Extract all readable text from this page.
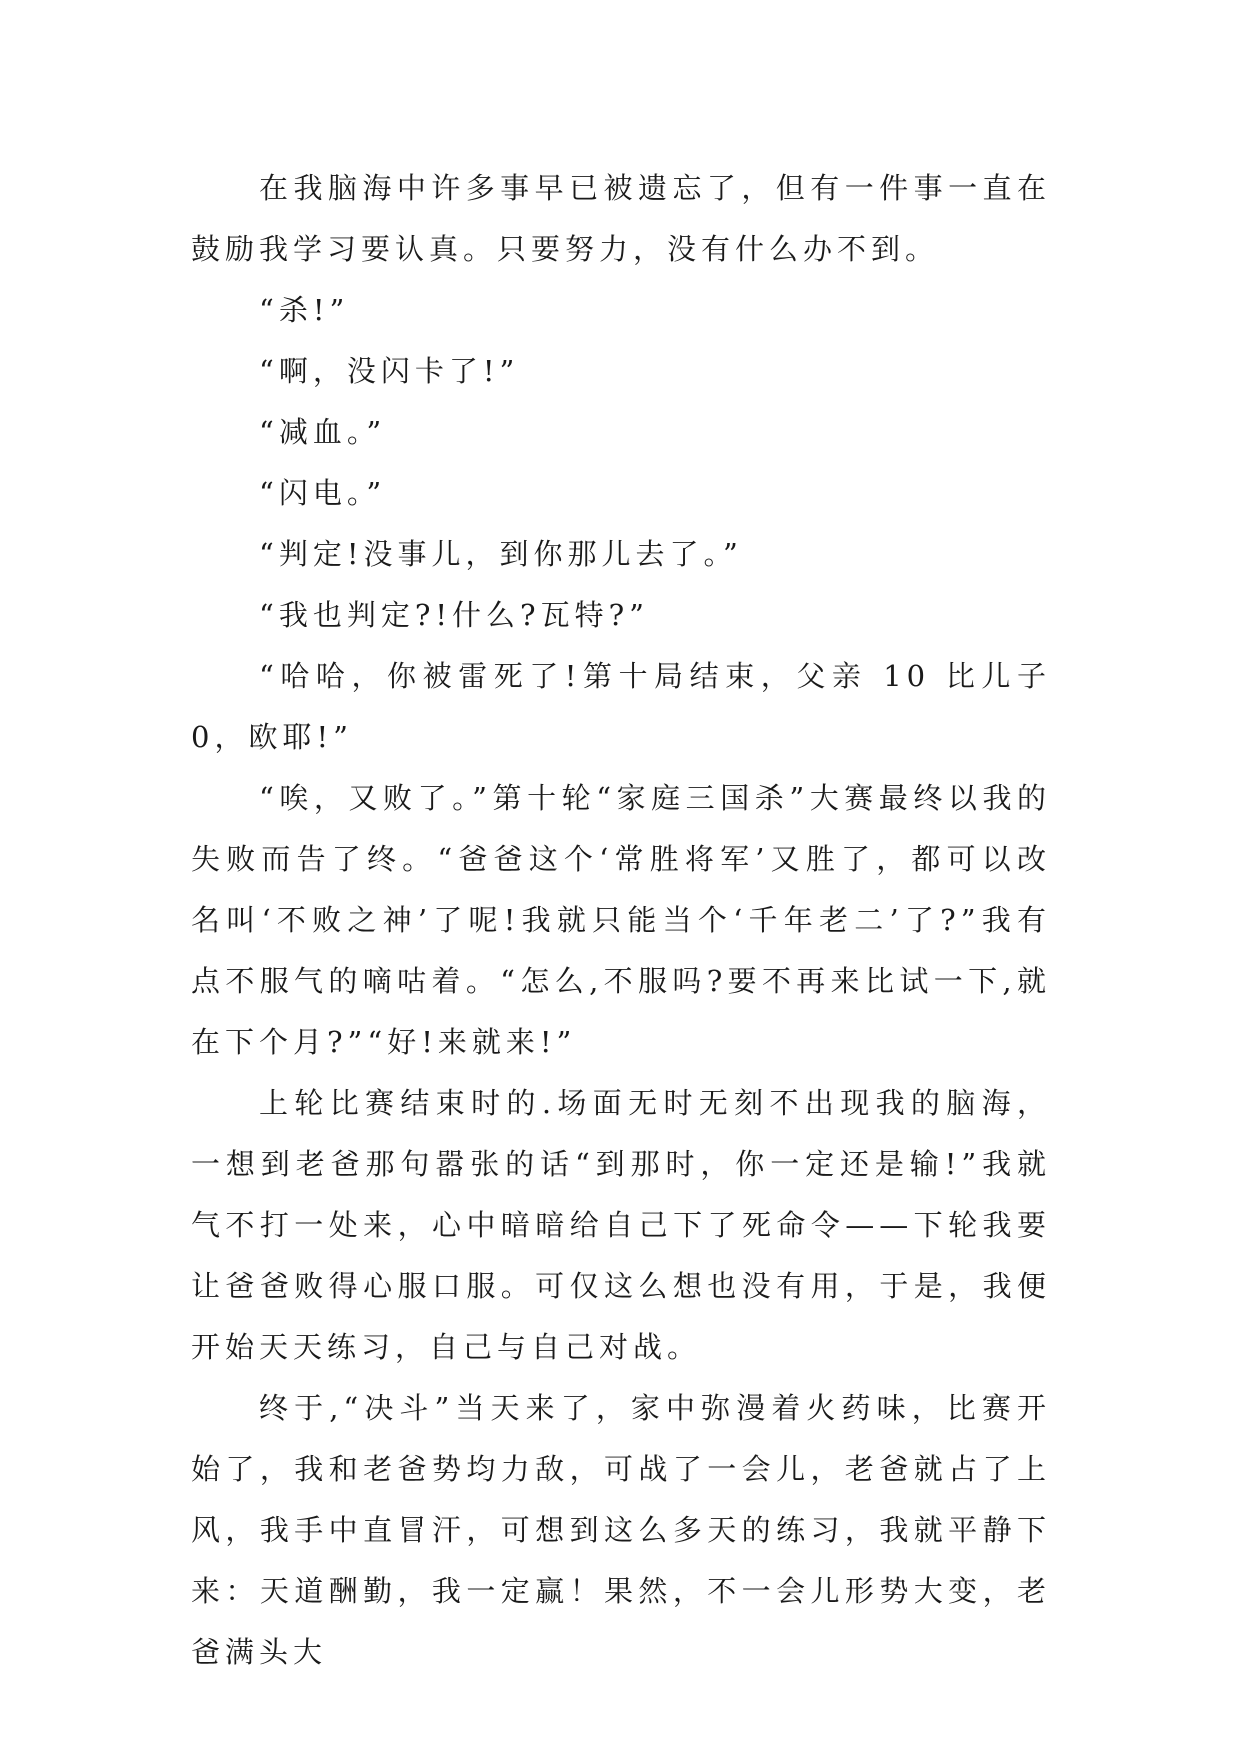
在我脑海中许多事早已被遗忘了，但有一件事一直在鼓励我学习要认真。只要努力，没有什么办不到。

“杀!”

“啊，没闪卡了!”

“减血。”

“闪电。”

“判定!没事儿，到你那儿去了。”

“我也判定?!什么?瓦特?”

“哈哈，你被雷死了!第十局结束，父亲 10 比儿子 0，欧耶!”

“唉，又败了。”第十轮“家庭三国杀”大赛最终以我的失败而告了终。“爸爸这个‘常胜将军’又胜了，都可以改名叫‘不败之神’了呢!我就只能当个‘千年老二’了?”我有点不服气的嘀咕着。“怎么,不服吗?要不再来比试一下,就在下个月?”“好!来就来!”

上轮比赛结束时的.场面无时无刻不出现我的脑海，一想到老爸那句嚣张的话“到那时，你一定还是输!”我就气不打一处来，心中暗暗给自己下了死命令——下轮我要让爸爸败得心服口服。可仅这么想也没有用，于是，我便开始天天练习，自己与自己对战。

终于,“决斗”当天来了，家中弥漫着火药味，比赛开始了，我和老爸势均力敌，可战了一会儿，老爸就占了上风，我手中直冒汗，可想到这么多天的练习，我就平静下来：天道酬勤，我一定赢！果然，不一会儿形势大变，老爸满头大
